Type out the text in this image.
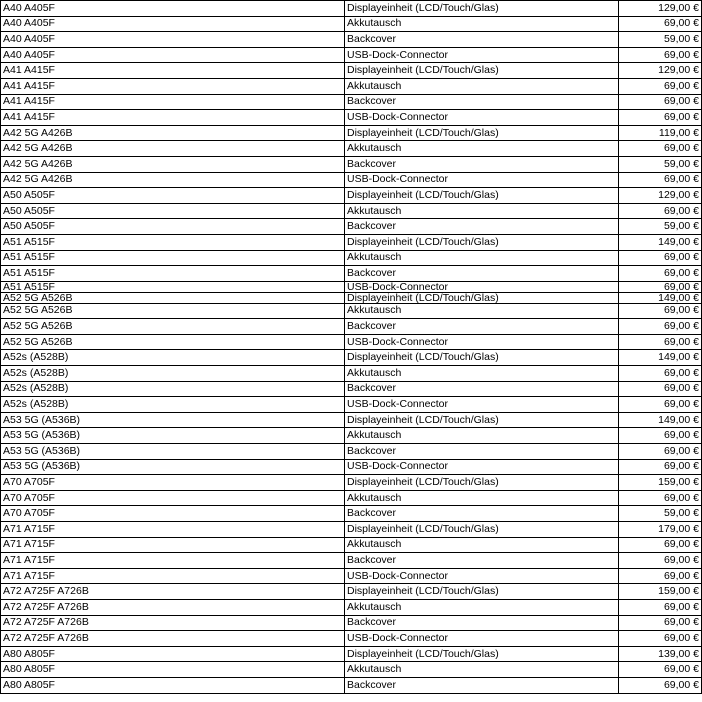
A40 A405F	Displayeinheit (LCD/Touch/Glas)	129,00 €
A40 A405F	Akkutausch	69,00 €
A40 A405F	Backcover	59,00 €
A40 A405F	USB-Dock-Connector	69,00 €
A41 A415F	Displayeinheit (LCD/Touch/Glas)	129,00 €
A41 A415F	Akkutausch	69,00 €
A41 A415F	Backcover	69,00 €
A41 A415F	USB-Dock-Connector	69,00 €
A42 5G A426B	Displayeinheit (LCD/Touch/Glas)	119,00 €
A42 5G A426B	Akkutausch	69,00 €
A42 5G A426B	Backcover	59,00 €
A42 5G A426B	USB-Dock-Connector	69,00 €
A50 A505F	Displayeinheit (LCD/Touch/Glas)	129,00 €
A50 A505F	Akkutausch	69,00 €
A50 A505F	Backcover	59,00 €
A51 A515F	Displayeinheit (LCD/Touch/Glas)	149,00 €
A51 A515F	Akkutausch	69,00 €
A51 A515F	Backcover	69,00 €
A51 A515F	USB-Dock-Connector	69,00 €
A52 5G A526B	Displayeinheit (LCD/Touch/Glas)	149,00 €
A52 5G A526B	Akkutausch	69,00 €
A52 5G A526B	Backcover	69,00 €
A52 5G A526B	USB-Dock-Connector	69,00 €
A52s (A528B)	Displayeinheit (LCD/Touch/Glas)	149,00 €
A52s (A528B)	Akkutausch	69,00 €
A52s (A528B)	Backcover	69,00 €
A52s (A528B)	USB-Dock-Connector	69,00 €
A53 5G (A536B)	Displayeinheit (LCD/Touch/Glas)	149,00 €
A53 5G (A536B)	Akkutausch	69,00 €
A53 5G (A536B)	Backcover	69,00 €
A53 5G (A536B)	USB-Dock-Connector	69,00 €
A70 A705F	Displayeinheit (LCD/Touch/Glas)	159,00 €
A70 A705F	Akkutausch	69,00 €
A70 A705F	Backcover	59,00 €
A71 A715F	Displayeinheit (LCD/Touch/Glas)	179,00 €
A71 A715F	Akkutausch	69,00 €
A71 A715F	Backcover	69,00 €
A71 A715F	USB-Dock-Connector	69,00 €
A72 A725F A726B	Displayeinheit (LCD/Touch/Glas)	159,00 €
A72 A725F A726B	Akkutausch	69,00 €
A72 A725F A726B	Backcover	69,00 €
A72 A725F A726B	USB-Dock-Connector	69,00 €
A80 A805F	Displayeinheit (LCD/Touch/Glas)	139,00 €
A80 A805F	Akkutausch	69,00 €
A80 A805F	Backcover	69,00 €
